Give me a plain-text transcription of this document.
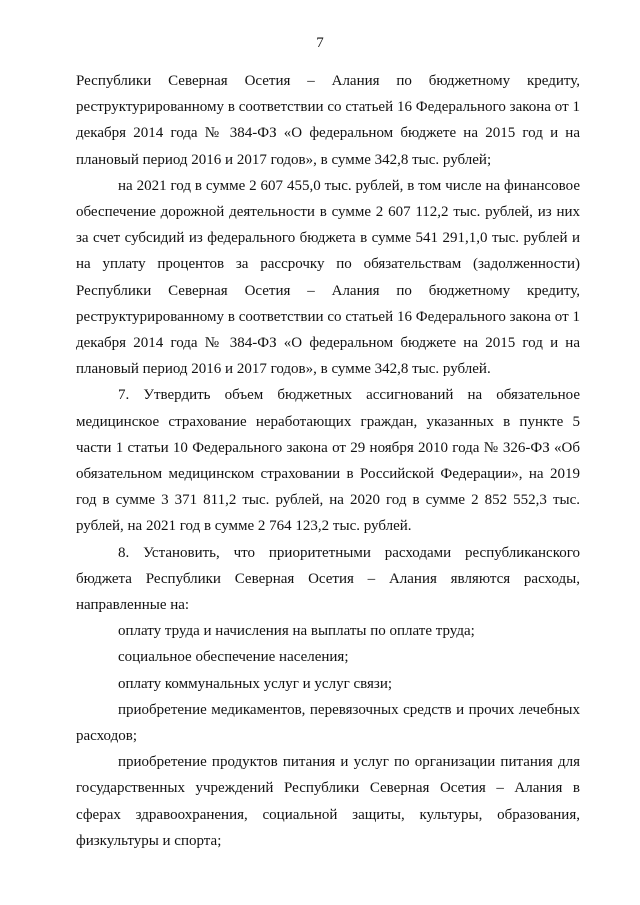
7

Республики Северная Осетия – Алания по бюджетному кредиту, реструктурированному в соответствии со статьей 16 Федерального закона от 1 декабря 2014 года № 384-ФЗ «О федеральном бюджете на 2015 год и на плановый период 2016 и 2017 годов», в сумме 342,8 тыс. рублей;

на 2021 год в сумме 2 607 455,0 тыс. рублей, в том числе на финансовое обеспечение дорожной деятельности в сумме 2 607 112,2 тыс. рублей, из них за счет субсидий из федерального бюджета в сумме 541 291,1,0 тыс. рублей и на уплату процентов за рассрочку по обязательствам (задолженности) Республики Северная Осетия – Алания по бюджетному кредиту, реструктурированному в соответствии со статьей 16 Федерального закона от 1 декабря 2014 года № 384-ФЗ «О федеральном бюджете на 2015 год и на плановый период 2016 и 2017 годов», в сумме 342,8 тыс. рублей.

7. Утвердить объем бюджетных ассигнований на обязательное медицинское страхование неработающих граждан, указанных в пункте 5 части 1 статьи 10 Федерального закона от 29 ноября 2010 года № 326-ФЗ «Об обязательном медицинском страховании в Российской Федерации», на 2019 год в сумме 3 371 811,2 тыс. рублей, на 2020 год в сумме 2 852 552,3 тыс. рублей, на 2021 год в сумме 2 764 123,2 тыс. рублей.

8. Установить, что приоритетными расходами республиканского бюджета Республики Северная Осетия – Алания являются расходы, направленные на:

оплату труда и начисления на выплаты по оплате труда;

социальное обеспечение населения;

оплату коммунальных услуг и услуг связи;

приобретение медикаментов, перевязочных средств и прочих лечебных расходов;

приобретение продуктов питания и услуг по организации питания для государственных учреждений Республики Северная Осетия – Алания в сферах здравоохранения, социальной защиты, культуры, образования, физкультуры и спорта;
